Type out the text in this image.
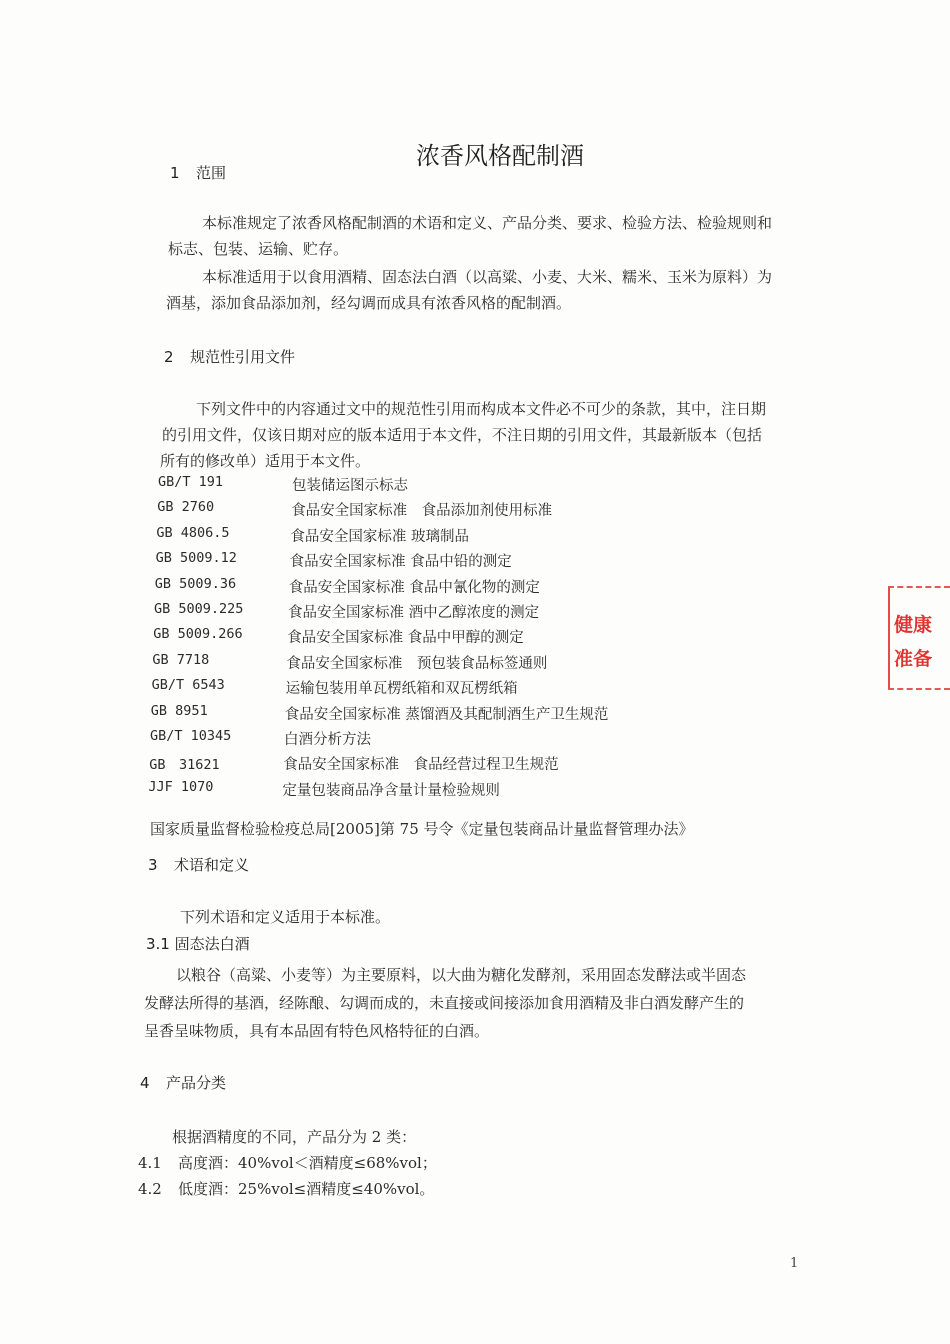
浓香风格配制酒
1 范围
本标准规定了浓香风格配制酒的术语和定义、产品分类、要求、检验方法、检验规则和
标志、包装、运输、贮存。
本标准适用于以食用酒精、固态法白酒（以高粱、小麦、大米、糯米、玉米为原料）为
酒基，添加食品添加剂，经勾调而成具有浓香风格的配制酒。
2 规范性引用文件
下列文件中的内容通过文中的规范性引用而构成本文件必不可少的条款，其中，注日期
的引用文件，仅该日期对应的版本适用于本文件，不注日期的引用文件，其最新版本（包括
所有的修改单）适用于本文件。
GB/T 191	包装储运图示标志
GB 2760	食品安全国家标准　食品添加剂使用标准
GB 4806.5	食品安全国家标准 玻璃制品
GB 5009.12	食品安全国家标准 食品中铅的测定
GB 5009.36	食品安全国家标准 食品中氰化物的测定
GB 5009.225	食品安全国家标准 酒中乙醇浓度的测定
GB 5009.266	食品安全国家标准 食品中甲醇的测定
GB 7718	食品安全国家标准　预包装食品标签通则
GB/T 6543	运输包装用单瓦楞纸箱和双瓦楞纸箱
GB 8951	食品安全国家标准 蒸馏酒及其配制酒生产卫生规范
GB/T 10345	白酒分析方法
GB　31621	食品安全国家标准　食品经营过程卫生规范
JJF 1070	定量包装商品净含量计量检验规则
国家质量监督检验检疫总局[2005]第 75 号令《定量包装商品计量监督管理办法》
3 术语和定义
下列术语和定义适用于本标准。
3.1 固态法白酒
以粮谷（高粱、小麦等）为主要原料，以大曲为糖化发酵剂，采用固态发酵法或半固态
发酵法所得的基酒，经陈酿、勾调而成的，未直接或间接添加食用酒精及非白酒发酵产生的
呈香呈味物质，具有本品固有特色风格特征的白酒。
4 产品分类
根据酒精度的不同，产品分为 2 类：
4.1 高度酒：40%vol＜酒精度≤68%vol；
4.2 低度酒：25%vol≤酒精度≤40%vol。
1
健康
准备
